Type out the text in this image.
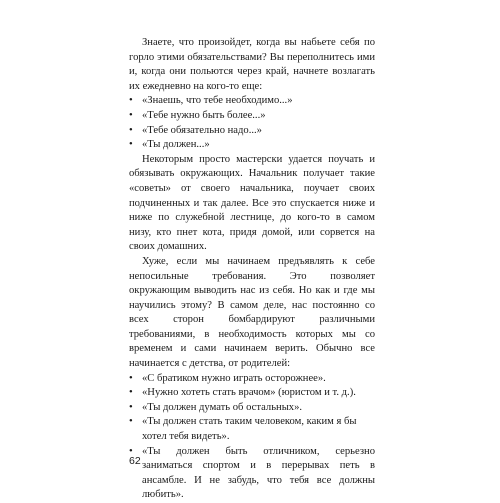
Знаете, что произойдет, когда вы набьете себя по горло этими обязательствами? Вы переполнитесь ими и, когда они польются через край, начнете возлагать их ежедневно на кого-то еще:

• «Знаешь, что тебе необходимо...»
• «Тебе нужно быть более...»
• «Тебе обязательно надо...»
• «Ты должен...»

Некоторым просто мастерски удается поучать и обязывать окружающих. Начальник получает такие «советы» от своего начальника, поучает своих подчиненных и так далее. Все это спускается ниже и ниже по служебной лестнице, до кого-то в самом низу, кто пнет кота, придя домой, или сорвется на своих домашних.

Хуже, если мы начинаем предъявлять к себе непосильные требования. Это позволяет окружающим выводить нас из себя. Но как и где мы научились этому? В самом деле, нас постоянно со всех сторон бомбардируют различными требованиями, в необходимость которых мы со временем и сами начинаем верить. Обычно все начинается с детства, от родителей:

• «С братиком нужно играть осторожнее».
• «Нужно хотеть стать врачом» (юристом и т. д.).
• «Ты должен думать об остальных».
• «Ты должен стать таким человеком, каким я бы хотел тебя видеть».
• «Ты должен быть отличником, серьезно заниматься спортом и в перерывах петь в ансамбле. И не забудь, что тебя все должны любить».
62
